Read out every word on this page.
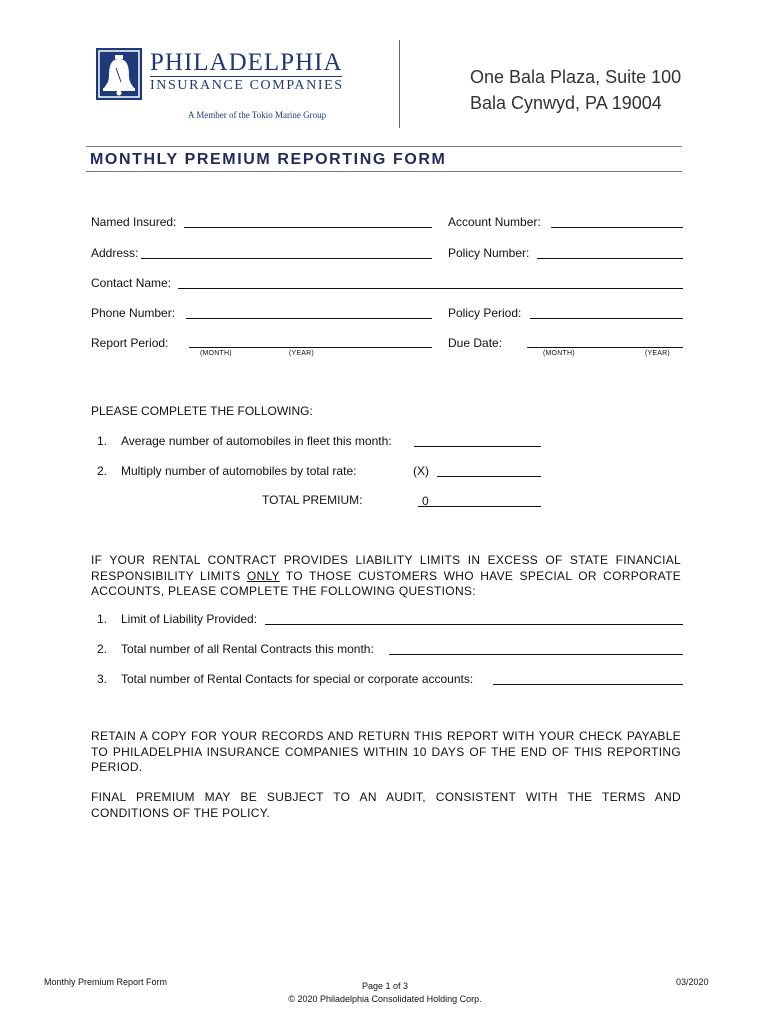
PHILADELPHIA
INSURANCE COMPANIES
A Member of the Tokio Marine Group
One Bala Plaza, Suite 100
Bala Cynwyd, PA 19004
MONTHLY PREMIUM REPORTING FORM
Named Insured:	Account Number:
Address:	Policy Number:
Contact Name:
Phone Number:	Policy Period:
Report Period:
(MONTH)	(YEAR)
Due Date:
(MONTH)	(YEAR)
PLEASE COMPLETE THE FOLLOWING:
1. Average number of automobiles in fleet this month:
2. Multiply number of automobiles by total rate:	(X)
TOTAL PREMIUM:	0
IF YOUR RENTAL CONTRACT PROVIDES LIABILITY LIMITS IN EXCESS OF STATE FINANCIAL RESPONSIBILITY LIMITS ONLY TO THOSE CUSTOMERS WHO HAVE SPECIAL OR CORPORATE ACCOUNTS, PLEASE COMPLETE THE FOLLOWING QUESTIONS:
1. Limit of Liability Provided:
2. Total number of all Rental Contracts this month:
3. Total number of Rental Contacts for special or corporate accounts:
RETAIN A COPY FOR YOUR RECORDS AND RETURN THIS REPORT WITH YOUR CHECK PAYABLE TO PHILADELPHIA INSURANCE COMPANIES WITHIN 10 DAYS OF THE END OF THIS REPORTING PERIOD.
FINAL PREMIUM MAY BE SUBJECT TO AN AUDIT, CONSISTENT WITH THE TERMS AND CONDITIONS OF THE POLICY.
Monthly Premium Report Form	Page 1 of 3
© 2020 Philadelphia Consolidated Holding Corp.
03/2020
